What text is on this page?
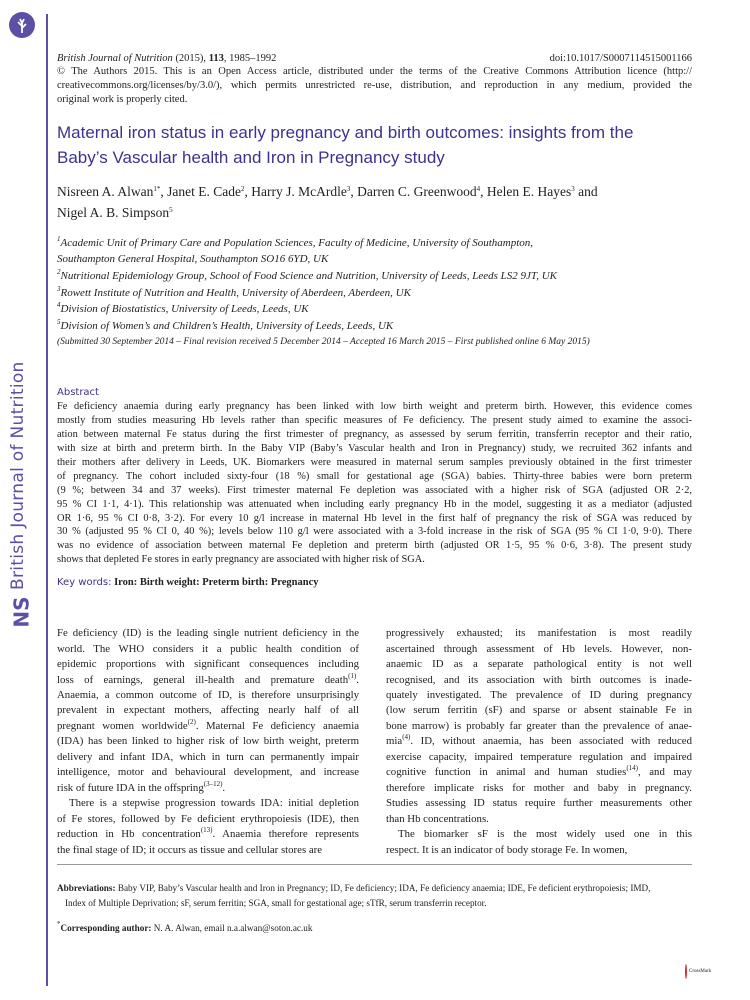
British Journal of Nutrition
NS
British Journal of Nutrition (2015), 113, 1985–1992	doi:10.1017/S0007114515001166
© The Authors 2015. This is an Open Access article, distributed under the terms of the Creative Commons Attribution licence (http://
creativecommons.org/licenses/by/3.0/), which permits unrestricted re-use, distribution, and reproduction in any medium, provided the
original work is properly cited.
Maternal iron status in early pregnancy and birth outcomes: insights from the
Baby’s Vascular health and Iron in Pregnancy study
Nisreen A. Alwan$^{1*}$, Janet E. Cade$^2$, Harry J. McArdle$^3$, Darren C. Greenwood$^4$, Helen E. Hayes$^3$ and
Nigel A. B. Simpson$^5$
$^1$Academic Unit of Primary Care and Population Sciences, Faculty of Medicine, University of Southampton,
Southampton General Hospital, Southampton SO16 6YD, UK
$^2$Nutritional Epidemiology Group, School of Food Science and Nutrition, University of Leeds, Leeds LS2 9JT, UK
$^3$Rowett Institute of Nutrition and Health, University of Aberdeen, Aberdeen, UK
$^4$Division of Biostatistics, University of Leeds, Leeds, UK
$^5$Division of Women’s and Children’s Health, University of Leeds, Leeds, UK
(Submitted 30 September 2014 – Final revision received 5 December 2014 – Accepted 16 March 2015 – First published online 6 May 2015)
Abstract
Fe deficiency anaemia during early pregnancy has been linked with low birth weight and preterm birth. However, this evidence comes
mostly from studies measuring Hb levels rather than specific measures of Fe deficiency. The present study aimed to examine the associ-
ation between maternal Fe status during the first trimester of pregnancy, as assessed by serum ferritin, transferrin receptor and their ratio,
with size at birth and preterm birth. In the Baby VIP (Baby’s Vascular health and Iron in Pregnancy) study, we recruited 362 infants and
their mothers after delivery in Leeds, UK. Biomarkers were measured in maternal serum samples previously obtained in the first trimester
of pregnancy. The cohort included sixty-four (18 %) small for gestational age (SGA) babies. Thirty-three babies were born preterm
(9 %; between 34 and 37 weeks). First trimester maternal Fe depletion was associated with a higher risk of SGA (adjusted OR 2·2,
95 % CI 1·1, 4·1). This relationship was attenuated when including early pregnancy Hb in the model, suggesting it as a mediator (adjusted
OR 1·6, 95 % CI 0·8, 3·2). For every 10 g/l increase in maternal Hb level in the first half of pregnancy the risk of SGA was reduced by
30 % (adjusted 95 % CI 0, 40 %); levels below 110 g/l were associated with a 3-fold increase in the risk of SGA (95 % CI 1·0, 9·0). There
was no evidence of association between maternal Fe depletion and preterm birth (adjusted OR 1·5, 95 % 0·6, 3·8). The present study
shows that depleted Fe stores in early pregnancy are associated with higher risk of SGA.
Key words: Iron: Birth weight: Preterm birth: Pregnancy
Fe deficiency (ID) is the leading single nutrient deficiency in the
world. The WHO considers it a public health condition of
epidemic proportions with significant consequences including
loss of earnings, general ill-health and premature death$^{(1)}$.
Anaemia, a common outcome of ID, is therefore unsurprisingly
prevalent in expectant mothers, affecting nearly half of all
pregnant women worldwide$^{(2)}$. Maternal Fe deficiency anaemia
(IDA) has been linked to higher risk of low birth weight, preterm
delivery and infant IDA, which in turn can permanently impair
intelligence, motor and behavioural development, and increase
risk of future IDA in the offspring$^{(3-12)}$.
There is a stepwise progression towards IDA: initial depletion
of Fe stores, followed by Fe deficient erythropoiesis (IDE), then
reduction in Hb concentration$^{(13)}$. Anaemia therefore represents
the final stage of ID; it occurs as tissue and cellular stores are
progressively exhausted; its manifestation is most readily
ascertained through assessment of Hb levels. However, non-
anaemic ID as a separate pathological entity is not well
recognised, and its association with birth outcomes is inade-
quately investigated. The prevalence of ID during pregnancy
(low serum ferritin (sF) and sparse or absent stainable Fe in
bone marrow) is probably far greater than the prevalence of anae-
mia$^{(4)}$. ID, without anaemia, has been associated with reduced
exercise capacity, impaired temperature regulation and impaired
cognitive function in animal and human studies$^{(14)}$, and may
therefore implicate risks for mother and baby in pregnancy.
Studies assessing ID status require further measurements other
than Hb concentrations.
The biomarker sF is the most widely used one in this
respect. It is an indicator of body storage Fe. In women,
Abbreviations: Baby VIP, Baby’s Vascular health and Iron in Pregnancy; ID, Fe deficiency; IDA, Fe deficiency anaemia; IDE, Fe deficient erythropoiesis; IMD,
Index of Multiple Deprivation; sF, serum ferritin; SGA, small for gestational age; sTfR, serum transferrin receptor.
*Corresponding author: N. A. Alwan, email n.a.alwan@soton.ac.uk
CrossMark
